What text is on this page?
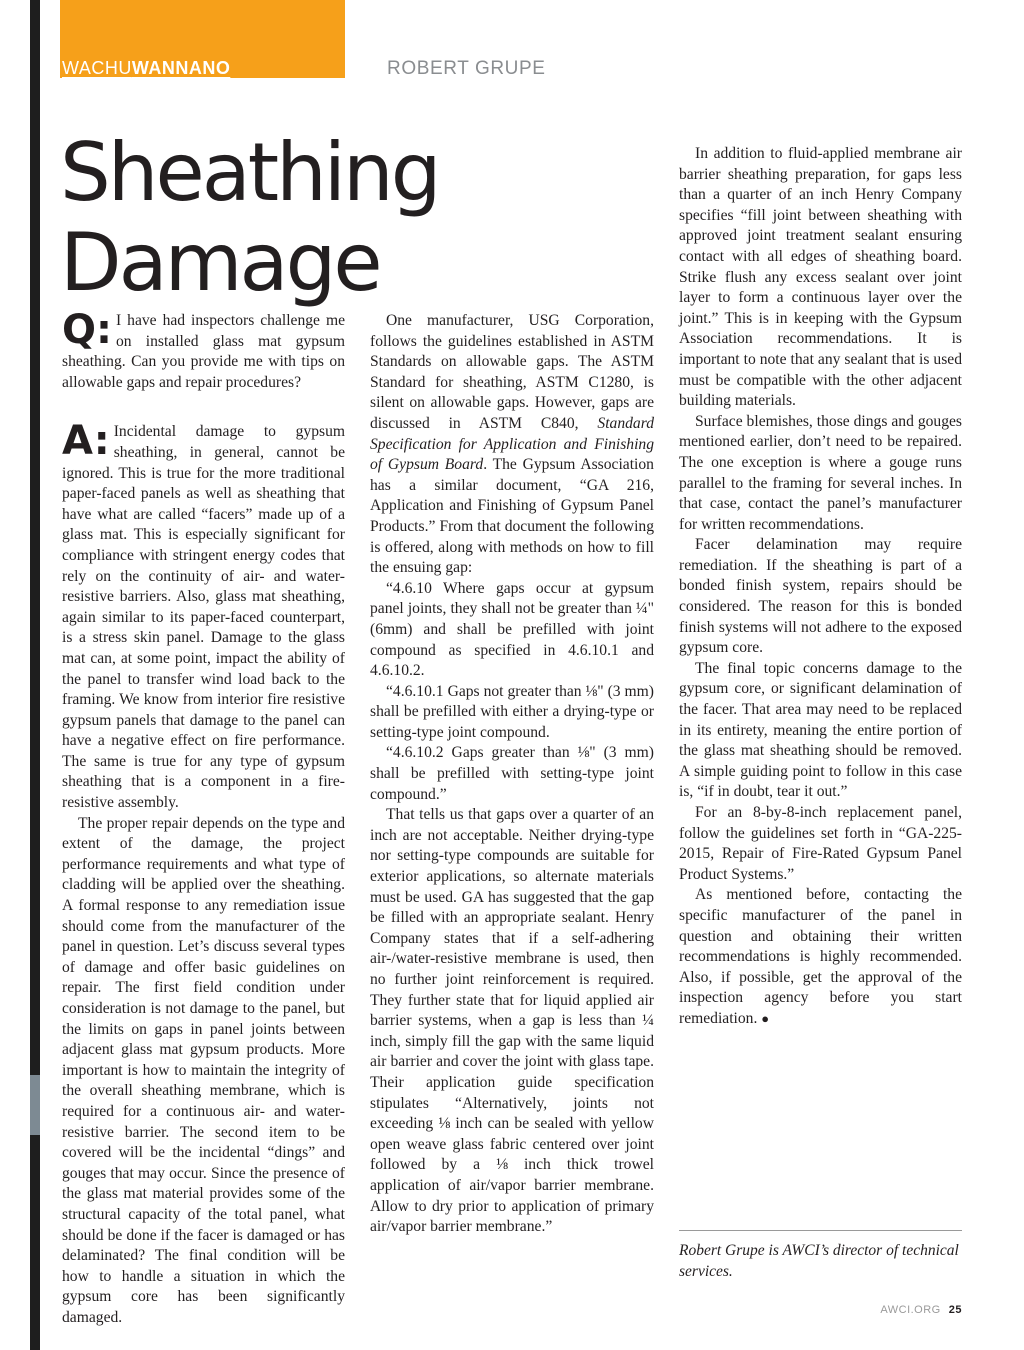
WACHUWANNANO	ROBERT GRUPE
Sheathing
Damage
Q: I have had inspectors challenge me on installed glass mat gypsum sheathing. Can you provide me with tips on allowable gaps and repair procedures?

A: Incidental damage to gypsum sheathing, in general, cannot be ignored. This is true for the more traditional paper-faced panels as well as sheathing that have what are called “facers” made up of a glass mat. This is especially significant for compliance with stringent energy codes that rely on the continuity of air- and water-resistive barriers. Also, glass mat sheathing, again similar to its paper-faced counterpart, is a stress skin panel. Damage to the glass mat can, at some point, impact the ability of the panel to transfer wind load back to the framing. We know from interior fire resistive gypsum panels that damage to the panel can have a negative effect on fire performance. The same is true for any type of gypsum sheathing that is a component in a fire-resistive assembly.

The proper repair depends on the type and extent of the damage, the project performance requirements and what type of cladding will be applied over the sheathing. A formal response to any remediation issue should come from the manufacturer of the panel in question. Let’s discuss several types of damage and offer basic guidelines on repair. The first field condition under consideration is not damage to the panel, but the limits on gaps in panel joints between adjacent glass mat gypsum products. More important is how to maintain the integrity of the overall sheathing membrane, which is required for a continuous air- and water-resistive barrier. The second item to be covered will be the incidental “dings” and gouges that may occur. Since the presence of the glass mat material provides some of the structural capacity of the total panel, what should be done if the facer is damaged or has delaminated? The final condition will be how to handle a situation in which the gypsum core has been significantly damaged.

One manufacturer, USG Corporation, follows the guidelines established in ASTM Standards on allowable gaps. The ASTM Standard for sheathing, ASTM C1280, is silent on allowable gaps. However, gaps are discussed in ASTM C840, Standard Specification for Application and Finishing of Gypsum Board. The Gypsum Association has a similar document, “GA 216, Application and Finishing of Gypsum Panel Products.” From that document the following is offered, along with methods on how to fill the ensuing gap:

“4.6.10 Where gaps occur at gypsum panel joints, they shall not be greater than ¼" (6mm) and shall be prefilled with joint compound as specified in 4.6.10.1 and 4.6.10.2.

“4.6.10.1 Gaps not greater than ⅛" (3 mm) shall be prefilled with either a drying-type or setting-type joint compound.

“4.6.10.2 Gaps greater than ⅛" (3 mm) shall be prefilled with setting-type joint compound.”

That tells us that gaps over a quarter of an inch are not acceptable. Neither drying-type nor setting-type compounds are suitable for exterior applications, so alternate materials must be used. GA has suggested that the gap be filled with an appropriate sealant. Henry Company states that if a self-adhering air-/water-resistive membrane is used, then no further joint reinforcement is required. They further state that for liquid applied air barrier systems, when a gap is less than ¼ inch, simply fill the gap with the same liquid air barrier and cover the joint with glass tape. Their application guide specification stipulates “Alternatively, joints not exceeding ⅛ inch can be sealed with yellow open weave glass fabric centered over joint followed by a ⅛ inch thick trowel application of air/vapor barrier membrane. Allow to dry prior to application of primary air/vapor barrier membrane.”

In addition to fluid-applied membrane air barrier sheathing preparation, for gaps less than a quarter of an inch Henry Company specifies “fill joint between sheathing with approved joint treatment sealant ensuring contact with all edges of sheathing board. Strike flush any excess sealant over joint layer to form a continuous layer over the joint.” This is in keeping with the Gypsum Association recommendations. It is important to note that any sealant that is used must be compatible with the other adjacent building materials.

Surface blemishes, those dings and gouges mentioned earlier, don’t need to be repaired. The one exception is where a gouge runs parallel to the framing for several inches. In that case, contact the panel’s manufacturer for written recommendations.

Facer delamination may require remediation. If the sheathing is part of a bonded finish system, repairs should be considered. The reason for this is bonded finish systems will not adhere to the exposed gypsum core.

The final topic concerns damage to the gypsum core, or significant delamination of the facer. That area may need to be replaced in its entirety, meaning the entire portion of the glass mat sheathing should be removed. A simple guiding point to follow in this case is, “if in doubt, tear it out.”

For an 8-by-8-inch replacement panel, follow the guidelines set forth in “GA-225-2015, Repair of Fire-Rated Gypsum Panel Product Systems.”

As mentioned before, contacting the specific manufacturer of the panel in question and obtaining their written recommendations is highly recommended. Also, if possible, get the approval of the inspection agency before you start remediation. ●

Robert Grupe is AWCI’s director of technical services.
AWCI.ORG 25
